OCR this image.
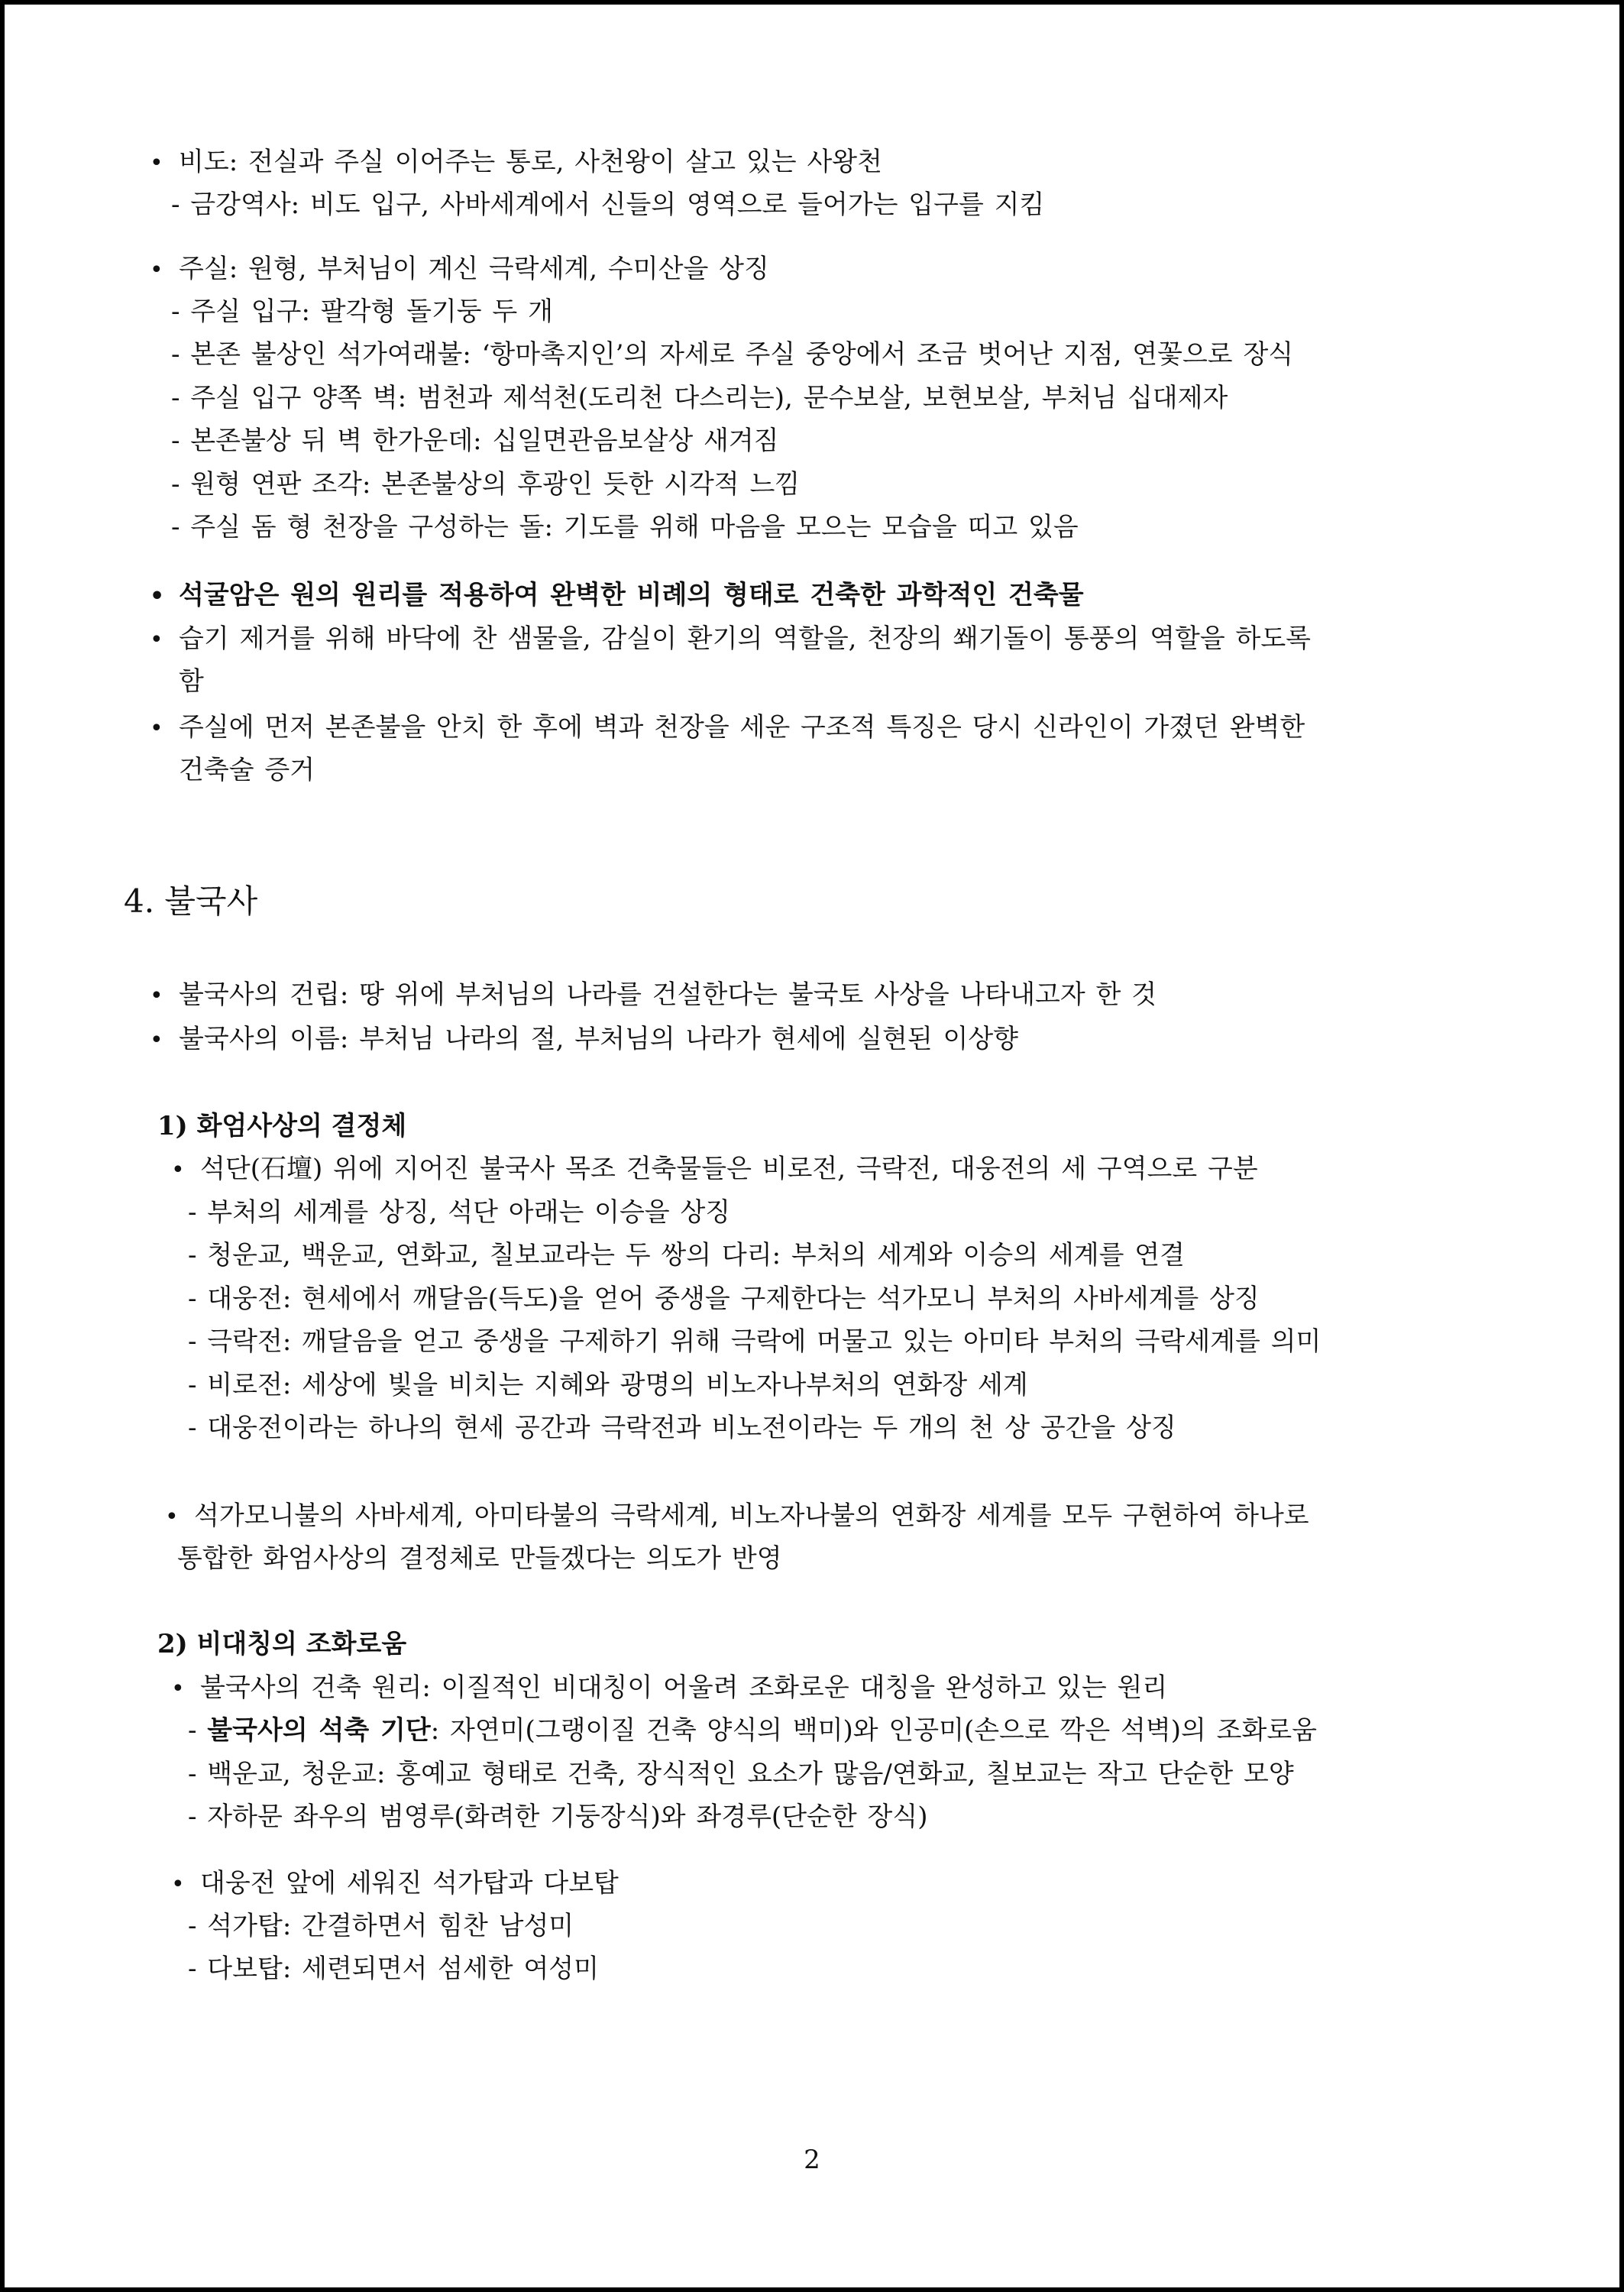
• 비도: 전실과 주실 이어주는 통로, 사천왕이 살고 있는 사왕천
- 금강역사: 비도 입구, 사바세계에서 신들의 영역으로 들어가는 입구를 지킴
• 주실: 원형, 부처님이 계신 극락세계, 수미산을 상징
- 주실 입구: 팔각형 돌기둥 두 개
- 본존 불상인 석가여래불: ‘항마촉지인’의 자세로 주실 중앙에서 조금 벗어난 지점, 연꽃으로 장식
- 주실 입구 양쪽 벽: 범천과 제석천(도리천 다스리는), 문수보살, 보현보살, 부처님 십대제자
- 본존불상 뒤 벽 한가운데: 십일면관음보살상 새겨짐
- 원형 연판 조각: 본존불상의 후광인 듯한 시각적 느낌
- 주실 돔 형 천장을 구성하는 돌: 기도를 위해 마음을 모으는 모습을 띠고 있음
• 석굴암은 원의 원리를 적용하여 완벽한 비례의 형태로 건축한 과학적인 건축물
• 습기 제거를 위해 바닥에 찬 샘물을, 감실이 환기의 역할을, 천장의 쐐기돌이 통풍의 역할을 하도록
함
• 주실에 먼저 본존불을 안치 한 후에 벽과 천장을 세운 구조적 특징은 당시 신라인이 가졌던 완벽한
건축술 증거
4. 불국사
• 불국사의 건립: 땅 위에 부처님의 나라를 건설한다는 불국토 사상을 나타내고자 한 것
• 불국사의 이름: 부처님 나라의 절, 부처님의 나라가 현세에 실현된 이상향
1) 화엄사상의 결정체
• 석단(石壇) 위에 지어진 불국사 목조 건축물들은 비로전, 극락전, 대웅전의 세 구역으로 구분
- 부처의 세계를 상징, 석단 아래는 이승을 상징
- 청운교, 백운교, 연화교, 칠보교라는 두 쌍의 다리: 부처의 세계와 이승의 세계를 연결
- 대웅전: 현세에서 깨달음(득도)을 얻어 중생을 구제한다는 석가모니 부처의 사바세계를 상징
- 극락전: 깨달음을 얻고 중생을 구제하기 위해 극락에 머물고 있는 아미타 부처의 극락세계를 의미
- 비로전: 세상에 빛을 비치는 지혜와 광명의 비노자나부처의 연화장 세계
- 대웅전이라는 하나의 현세 공간과 극락전과 비노전이라는 두 개의 천 상 공간을 상징
• 석가모니불의 사바세계, 아미타불의 극락세계, 비노자나불의 연화장 세계를 모두 구현하여 하나로
통합한 화엄사상의 결정체로 만들겠다는 의도가 반영
2) 비대칭의 조화로움
• 불국사의 건축 원리: 이질적인 비대칭이 어울려 조화로운 대칭을 완성하고 있는 원리
- 불국사의 석축 기단: 자연미(그랭이질 건축 양식의 백미)와 인공미(손으로 깍은 석벽)의 조화로움
- 백운교, 청운교: 홍예교 형태로 건축, 장식적인 요소가 많음/연화교, 칠보교는 작고 단순한 모양
- 자하문 좌우의 범영루(화려한 기둥장식)와 좌경루(단순한 장식)
• 대웅전 앞에 세워진 석가탑과 다보탑
- 석가탑: 간결하면서 힘찬 남성미
- 다보탑: 세련되면서 섬세한 여성미
2
